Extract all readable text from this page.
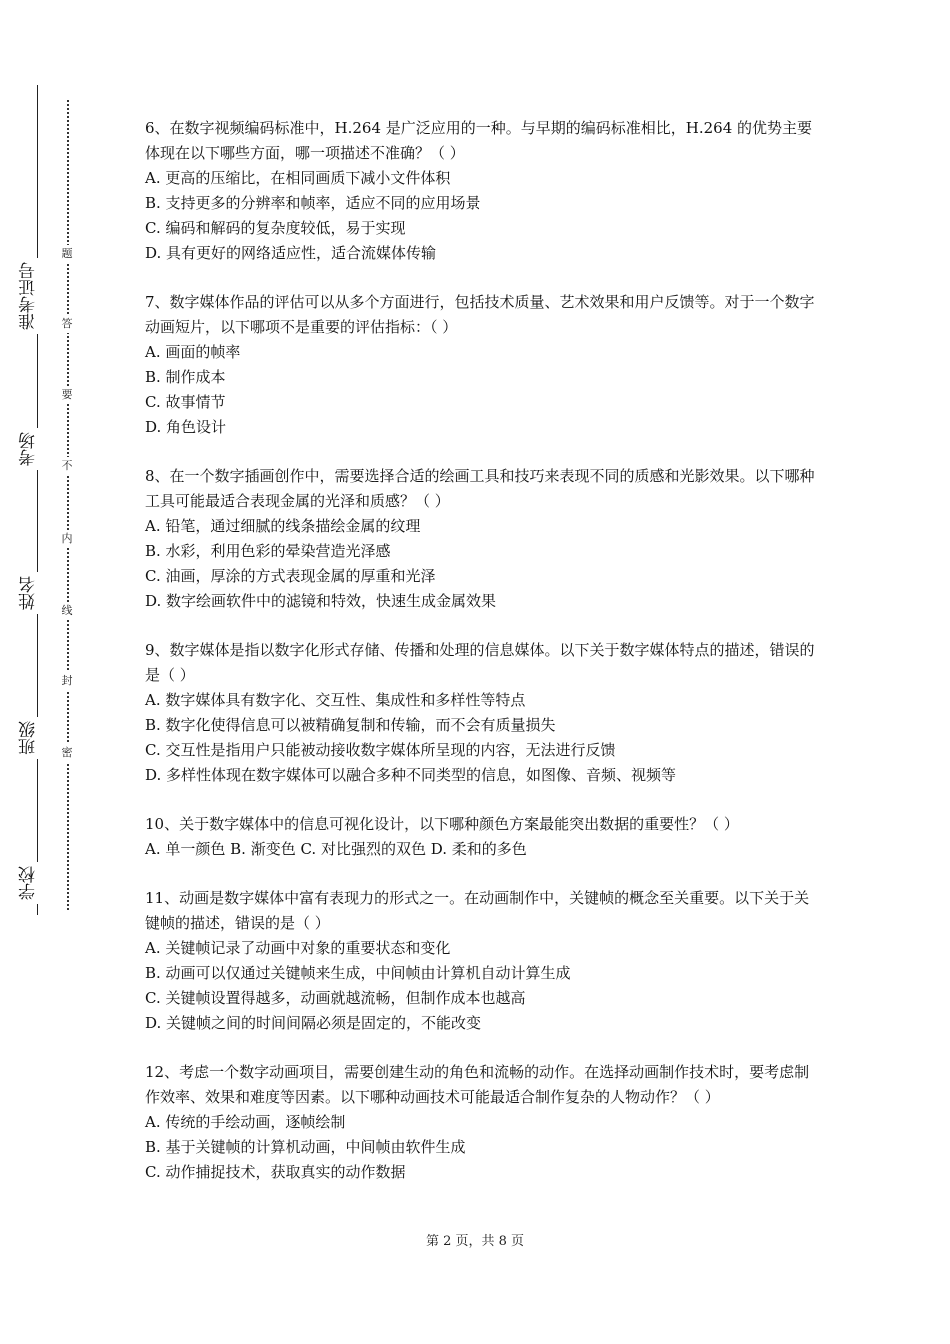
准考证号
考场
姓名
班级
学校
题
答
要
不
内
线
封
密

6、在数字视频编码标准中，H.264 是广泛应用的一种。与早期的编码标准相比，H.264 的优势主要体现在以下哪些方面，哪一项描述不准确？（ ）

A. 更高的压缩比，在相同画质下减小文件体积

B. 支持更多的分辨率和帧率，适应不同的应用场景

C. 编码和解码的复杂度较低，易于实现

D. 具有更好的网络适应性，适合流媒体传输

7、数字媒体作品的评估可以从多个方面进行，包括技术质量、艺术效果和用户反馈等。对于一个数字动画短片，以下哪项不是重要的评估指标：（ ）

A. 画面的帧率

B. 制作成本

C. 故事情节

D. 角色设计

8、在一个数字插画创作中，需要选择合适的绘画工具和技巧来表现不同的质感和光影效果。以下哪种工具可能最适合表现金属的光泽和质感？（ ）

A. 铅笔，通过细腻的线条描绘金属的纹理

B. 水彩，利用色彩的晕染营造光泽感

C. 油画，厚涂的方式表现金属的厚重和光泽

D. 数字绘画软件中的滤镜和特效，快速生成金属效果

9、数字媒体是指以数字化形式存储、传播和处理的信息媒体。以下关于数字媒体特点的描述，错误的是（ ）

A. 数字媒体具有数字化、交互性、集成性和多样性等特点

B. 数字化使得信息可以被精确复制和传输，而不会有质量损失

C. 交互性是指用户只能被动接收数字媒体所呈现的内容，无法进行反馈

D. 多样性体现在数字媒体可以融合多种不同类型的信息，如图像、音频、视频等

10、关于数字媒体中的信息可视化设计，以下哪种颜色方案最能突出数据的重要性？（ ）

A. 单一颜色 B. 渐变色 C. 对比强烈的双色 D. 柔和的多色

11、动画是数字媒体中富有表现力的形式之一。在动画制作中，关键帧的概念至关重要。以下关于关键帧的描述，错误的是（ ）

A. 关键帧记录了动画中对象的重要状态和变化

B. 动画可以仅通过关键帧来生成，中间帧由计算机自动计算生成

C. 关键帧设置得越多，动画就越流畅，但制作成本也越高

D. 关键帧之间的时间间隔必须是固定的，不能改变

12、考虑一个数字动画项目，需要创建生动的角色和流畅的动作。在选择动画制作技术时，要考虑制作效率、效果和难度等因素。以下哪种动画技术可能最适合制作复杂的人物动作？（ ）

A. 传统的手绘动画，逐帧绘制

B. 基于关键帧的计算机动画，中间帧由软件生成

C. 动作捕捉技术，获取真实的动作数据

第 2 页，共 8 页
